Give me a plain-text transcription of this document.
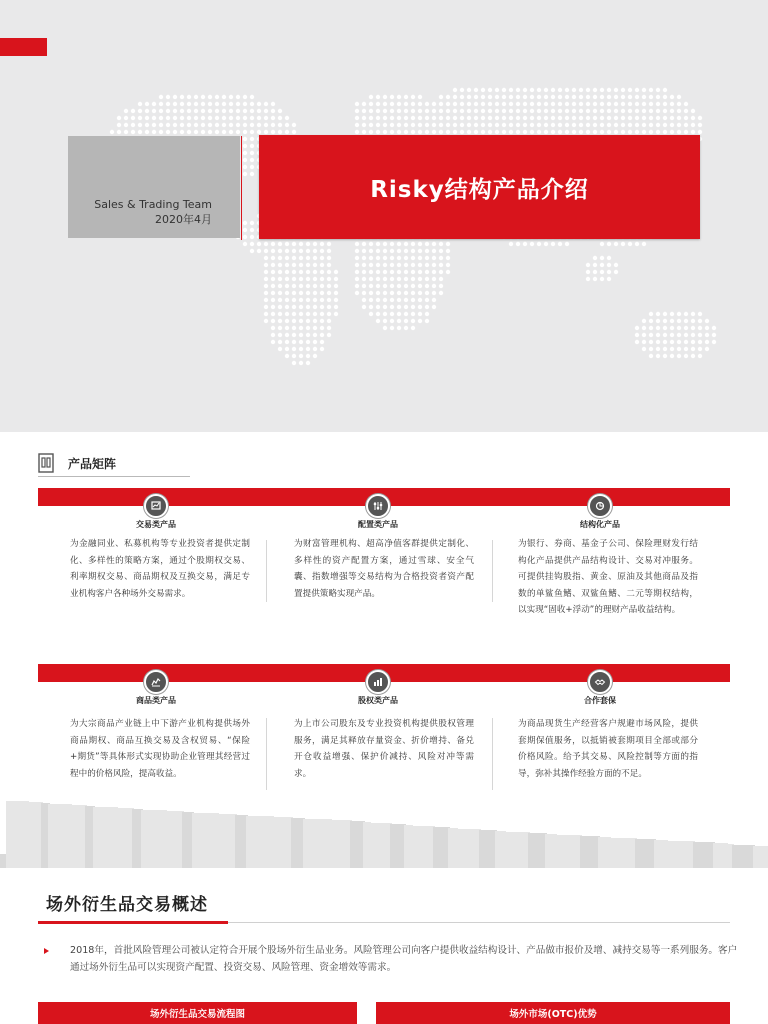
Sales & Trading Team
2020年4月
Risky结构产品介绍
产品矩阵
交易类产品
为金融同业、私募机构等专业投资者提供定制化、多样性的策略方案，通过个股期权交易、利率期权交易、商品期权及互换交易，满足专业机构客户各种场外交易需求。
配置类产品
为财富管理机构、超高净值客群提供定制化、多样性的资产配置方案，通过雪球、安全气囊、指数增强等交易结构为合格投资者资产配置提供策略实现产品。
结构化产品
为银行、券商、基金子公司、保险理财发行结构化产品提供产品结构设计、交易对冲服务。可提供挂钩股指、黄金、原油及其他商品及指数的单鲨鱼鳍、双鲨鱼鳍、二元等期权结构，以实现“固收+浮动”的理财产品收益结构。
商品类产品
为大宗商品产业链上中下游产业机构提供场外商品期权、商品互换交易及含权贸易、“保险+期货”等具体形式实现协助企业管理其经营过程中的价格风险，提高收益。
股权类产品
为上市公司股东及专业投资机构提供股权管理服务，满足其释放存量资金、折价增持、备兑开仓收益增强、保护价减持、风险对冲等需求。
合作套保
为商品现货生产经营客户规避市场风险，提供套期保值服务，以抵销被套期项目全部或部分价格风险。给予其交易、风险控制等方面的指导，弥补其操作经验方面的不足。
场外衍生品交易概述
2018年，首批风险管理公司被认定符合开展个股场外衍生品业务。风险管理公司向客户提供收益结构设计、产品做市报价及增、减持交易等一系列服务。客户通过场外衍生品可以实现资产配置、投资交易、风险管理、资金增效等需求。
场外衍生品交易流程图	场外市场(OTC)优势
